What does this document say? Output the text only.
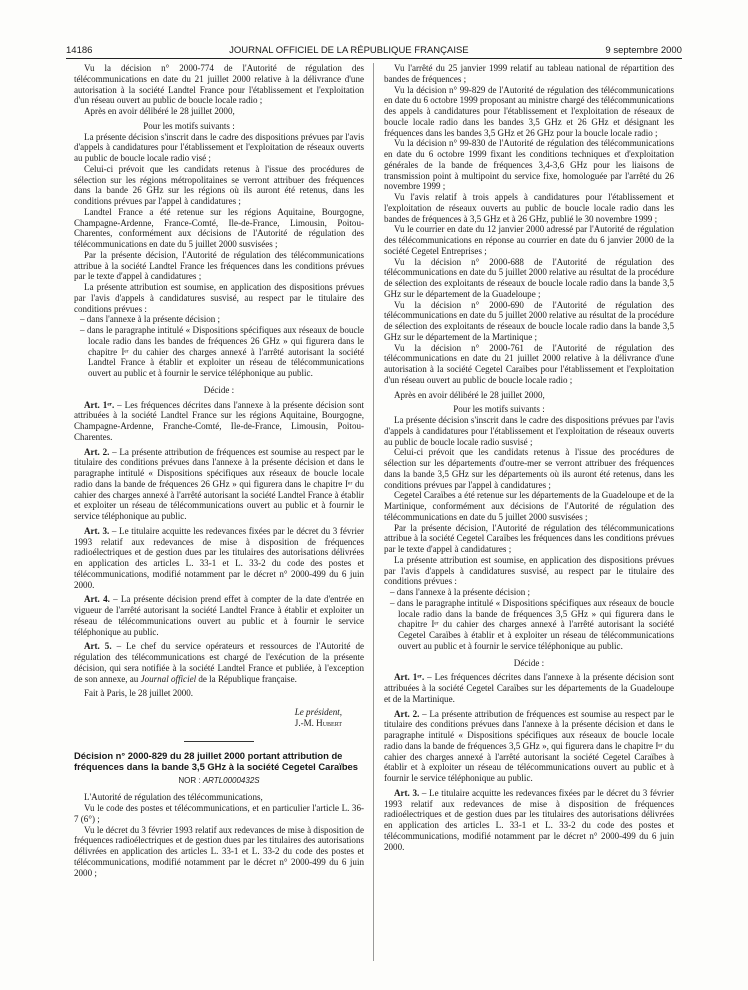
14186	JOURNAL OFFICIEL DE LA RÉPUBLIQUE FRANÇAISE	9 septembre 2000

Vu la décision n° 2000-774 de l'Autorité de régulation des télécommunications en date du 21 juillet 2000 relative à la délivrance d'une autorisation à la société Landtel France pour l'établissement et l'exploitation d'un réseau ouvert au public de boucle locale radio ;

Après en avoir délibéré le 28 juillet 2000,

Pour les motifs suivants :

La présente décision s'inscrit dans le cadre des dispositions prévues par l'avis d'appels à candidatures pour l'établissement et l'exploitation de réseaux ouverts au public de boucle locale radio visé ;

Celui-ci prévoit que les candidats retenus à l'issue des procédures de sélection sur les régions métropolitaines se verront attribuer des fréquences dans la bande 26 GHz sur les régions où ils auront été retenus, dans les conditions prévues par l'appel à candidatures ;

Landtel France a été retenue sur les régions Aquitaine, Bourgogne, Champagne-Ardenne, France-Comté, Ile-de-France, Limousin, Poitou-Charentes, conformément aux décisions de l'Autorité de régulation des télécommunications en date du 5 juillet 2000 susvisées ;

Par la présente décision, l'Autorité de régulation des télécommunications attribue à la société Landtel France les fréquences dans les conditions prévues par le texte d'appel à candidatures ;

La présente attribution est soumise, en application des dispositions prévues par l'avis d'appels à candidatures susvisé, au respect par le titulaire des conditions prévues :

– dans l'annexe à la présente décision ;

– dans le paragraphe intitulé « Dispositions spécifiques aux réseaux de boucle locale radio dans les bandes de fréquences 26 GHz » qui figurera dans le chapitre Iᵉʳ du cahier des charges annexé à l'arrêté autorisant la société Landtel France à établir et exploiter un réseau de télécommunications ouvert au public et à fournir le service téléphonique au public.

Décide :

Art. 1ᵉʳ. – Les fréquences décrites dans l'annexe à la présente décision sont attribuées à la société Landtel France sur les régions Aquitaine, Bourgogne, Champagne-Ardenne, Franche-Comté, Ile-de-France, Limousin, Poitou-Charentes.

Art. 2. – La présente attribution de fréquences est soumise au respect par le titulaire des conditions prévues dans l'annexe à la présente décision et dans le paragraphe intitulé « Dispositions spécifiques aux réseaux de boucle locale radio dans la bande de fréquences 26 GHz » qui figurera dans le chapitre Iᵉʳ du cahier des charges annexé à l'arrêté autorisant la société Landtel France à établir et exploiter un réseau de télécommunications ouvert au public et à fournir le service téléphonique au public.

Art. 3. – Le titulaire acquitte les redevances fixées par le décret du 3 février 1993 relatif aux redevances de mise à disposition de fréquences radioélectriques et de gestion dues par les titulaires des autorisations délivrées en application des articles L. 33-1 et L. 33-2 du code des postes et télécommunications, modifié notamment par le décret n° 2000-499 du 6 juin 2000.

Art. 4. – La présente décision prend effet à compter de la date d'entrée en vigueur de l'arrêté autorisant la société Landtel France à établir et exploiter un réseau de télécommunications ouvert au public et à fournir le service téléphonique au public.

Art. 5. – Le chef du service opérateurs et ressources de l'Autorité de régulation des télécommunications est chargé de l'exécution de la présente décision, qui sera notifiée à la société Landtel France et publiée, à l'exception de son annexe, au Journal officiel de la République française.

Fait à Paris, le 28 juillet 2000.

Le président,

J.-M. Hubert

Décision n° 2000-829 du 28 juillet 2000 portant attribution de fréquences dans la bande 3,5 GHz à la société Cegetel Caraïbes

NOR : ARTL0000432S

L'Autorité de régulation des télécommunications,

Vu le code des postes et télécommunications, et en particulier l'article L. 36-7 (6°) ;

Vu le décret du 3 février 1993 relatif aux redevances de mise à disposition de fréquences radioélectriques et de gestion dues par les titulaires des autorisations délivrées en application des articles L. 33-1 et L. 33-2 du code des postes et télécommunications, modifié notamment par le décret n° 2000-499 du 6 juin 2000 ;

Vu l'arrêté du 25 janvier 1999 relatif au tableau national de répartition des bandes de fréquences ;

Vu la décision n° 99-829 de l'Autorité de régulation des télécommunications en date du 6 octobre 1999 proposant au ministre chargé des télécommunications des appels à candidatures pour l'établissement et l'exploitation de réseaux de boucle locale radio dans les bandes 3,5 GHz et 26 GHz et désignant les fréquences dans les bandes 3,5 GHz et 26 GHz pour la boucle locale radio ;

Vu la décision n° 99-830 de l'Autorité de régulation des télécommunications en date du 6 octobre 1999 fixant les conditions techniques et d'exploitation générales de la bande de fréquences 3,4-3,6 GHz pour les liaisons de transmission point à multipoint du service fixe, homologuée par l'arrêté du 26 novembre 1999 ;

Vu l'avis relatif à trois appels à candidatures pour l'établissement et l'exploitation de réseaux ouverts au public de boucle locale radio dans les bandes de fréquences à 3,5 GHz et à 26 GHz, publié le 30 novembre 1999 ;

Vu le courrier en date du 12 janvier 2000 adressé par l'Autorité de régulation des télécommunications en réponse au courrier en date du 6 janvier 2000 de la société Cegetel Entreprises ;

Vu la décision n° 2000-688 de l'Autorité de régulation des télécommunications en date du 5 juillet 2000 relative au résultat de la procédure de sélection des exploitants de réseaux de boucle locale radio dans la bande 3,5 GHz sur le département de la Guadeloupe ;

Vu la décision n° 2000-690 de l'Autorité de régulation des télécommunications en date du 5 juillet 2000 relative au résultat de la procédure de sélection des exploitants de réseaux de boucle locale radio dans la bande 3,5 GHz sur le département de la Martinique ;

Vu la décision n° 2000-761 de l'Autorité de régulation des télécommunications en date du 21 juillet 2000 relative à la délivrance d'une autorisation à la société Cegetel Caraïbes pour l'établissement et l'exploitation d'un réseau ouvert au public de boucle locale radio ;

Après en avoir délibéré le 28 juillet 2000,

Pour les motifs suivants :

La présente décision s'inscrit dans le cadre des dispositions prévues par l'avis d'appels à candidatures pour l'établissement et l'exploitation de réseaux ouverts au public de boucle locale radio susvisé ;

Celui-ci prévoit que les candidats retenus à l'issue des procédures de sélection sur les départements d'outre-mer se verront attribuer des fréquences dans la bande 3,5 GHz sur les départements où ils auront été retenus, dans les conditions prévues par l'appel à candidatures ;

Cegetel Caraïbes a été retenue sur les départements de la Guadeloupe et de la Martinique, conformément aux décisions de l'Autorité de régulation des télécommunications en date du 5 juillet 2000 susvisées ;

Par la présente décision, l'Autorité de régulation des télécommunications attribue à la société Cegetel Caraïbes les fréquences dans les conditions prévues par le texte d'appel à candidatures ;

La présente attribution est soumise, en application des dispositions prévues par l'avis d'appels à candidatures susvisé, au respect par le titulaire des conditions prévues :

– dans l'annexe à la présente décision ;

– dans le paragraphe intitulé « Dispositions spécifiques aux réseaux de boucle locale radio dans la bande de fréquences 3,5 GHz » qui figurera dans le chapitre Iᵉʳ du cahier des charges annexé à l'arrêté autorisant la société Cegetel Caraïbes à établir et à exploiter un réseau de télécommunications ouvert au public et à fournir le service téléphonique au public.

Décide :

Art. 1ᵉʳ. – Les fréquences décrites dans l'annexe à la présente décision sont attribuées à la société Cegetel Caraïbes sur les départements de la Guadeloupe et de la Martinique.

Art. 2. – La présente attribution de fréquences est soumise au respect par le titulaire des conditions prévues dans l'annexe à la présente décision et dans le paragraphe intitulé « Dispositions spécifiques aux réseaux de boucle locale radio dans la bande de fréquences 3,5 GHz », qui figurera dans le chapitre Iᵉʳ du cahier des charges annexé à l'arrêté autorisant la société Cegetel Caraïbes à établir et à exploiter un réseau de télécommunications ouvert au public et à fournir le service téléphonique au public.

Art. 3. – Le titulaire acquitte les redevances fixées par le décret du 3 février 1993 relatif aux redevances de mise à disposition de fréquences radioélectriques et de gestion dues par les titulaires des autorisations délivrées en application des articles L. 33-1 et L. 33-2 du code des postes et télécommunications, modifié notamment par le décret n° 2000-499 du 6 juin 2000.
